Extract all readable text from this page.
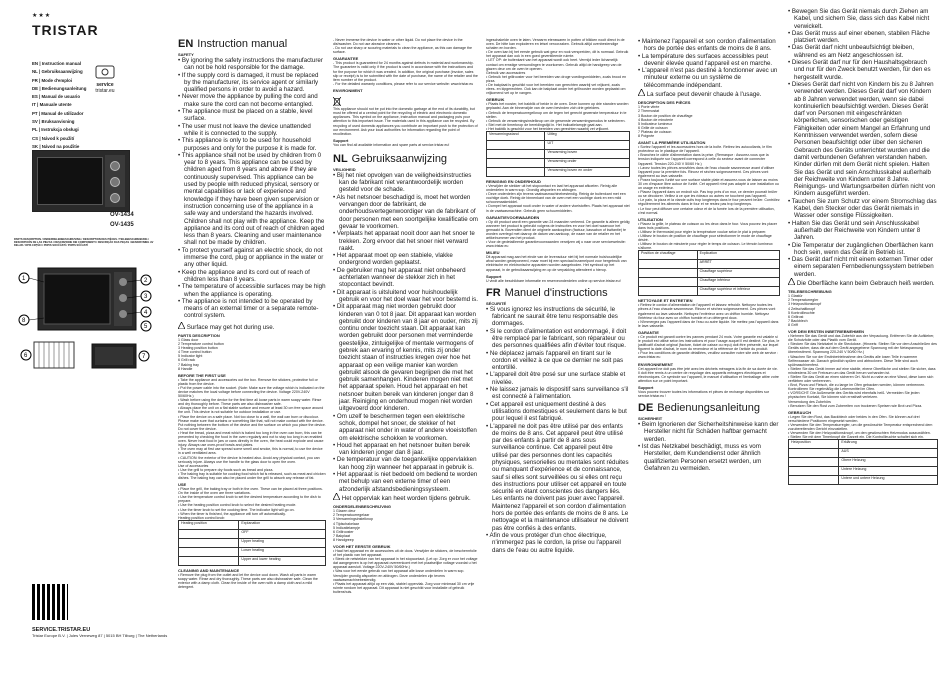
★★★
TRISTAR
EN | Instruction manual
NL | Gebruiksaanwijzing
FR | Mode d'emploi
DE | Bedienungsanleitung
ES | Manual de usuario
IT | Manuale utente
PT | Manual de utilizador
SV | Bruksanvisning
PL | Instrukcja obsługi
CS | Návod k použití
SK | Návod na použitie
service
tristar.eu
OV-1434
OV-1435
PARTS DESCRIPTION / ONDERDELENBESCHRIJVING / DESCRIPTION DES PIÈCES / TEILEBESCHREIBUNG / DESCRIPCIÓN DE LAS PIEZAS / DESCRIZIONE DEI COMPONENTI / DESCRIÇÃO DAS PEÇAS / BESKRIVNING AV DELAR / OPIS CZĘŚCI / POPIS SOUČÁSTÍ / POPIS SÚČASTÍ
1	2
3
4
5
8
6	7
SERVICE.TRISTAR.EU
Tristar Europe B.V. | Jules Verneweg 87 | 5015 BH Tilburg | The Netherlands
EN Instruction manual
SAFETY
• By ignoring the safety instructions the manufacturer can not be hold responsible for the damage.
• If the supply cord is damaged, it must be replaced by the manufacturer, its service agent or similarly qualified persons in order to avoid a hazard.
• Never move the appliance by pulling the cord and make sure the cord can not become entangled.
• The appliance must be placed on a stable, level surface.
• The user must not leave the device unattended while it is connected to the supply.
• This appliance is only to be used for household purposes and only for the purpose it is made for.
• This appliance shall not be used by children from 0 year to 8 years. This appliance can be used by children aged from 8 years and above if they are continuously supervised. This appliance can be used by people with reduced physical, sensory or mental capabilities or lack of experience and knowledge if they have been given supervision or instruction concerning use of the appliance in a safe way and understand the hazards involved. Children shall not play with the appliance. Keep the appliance and its cord out of reach of children aged less than 8 years. Cleaning and user maintenance shall not be made by children.
• To protect yourself against an electric shock, do not immerse the cord, plug or appliance in the water or any other liquid.
• Keep the appliance and its cord out of reach of children less than 8 years.
• The temperature of accessible surfaces may be high when the appliance is operating.
• The appliance is not intended to be operated by means of an external timer or a separate remote-control system.
Surface may get hot during use.
PARTS DESCRIPTION
1 Glass door
2 Temperature control button
3 Heating position button
4 Time control button
5 Indicator light
6 Grill rack
7 Baking tray
8 Handle
BEFORE THE FIRST USE
• Take the appliance and accessories out the box. Remove the stickers, protective foil or plastic from the device.
• Put the power cable into the socket. (Note: Make sure the voltage which is indicated on the device matches the local voltage before connecting the device. Voltage 220V-240V 50/60Hz.)
• Wash before using the device for the first time all loose parts in warm soapy water. Rinse and dry thoroughly before. These parts are also dishwasher safe.
• Always place the unit on a flat stable surface and ensure at least 30 cm free space around the unit. This device is not suitable for outdoor installation or use.
• Place the device on a safe place. Not too close to a wall, the wall can burn or discolour. Please make sure that curtains or something like that, will not make contact with the device. Put nothing between the bottom of the device and the surface on which you place the device. Do not cover the device.
• Heat the bread, pizza and meat which is baked too long in the oven can burn, this can be prevented by checking the food in the oven regularly and not to stay too long in an enabled oven. Never heat food in jars or cans directly in the oven, the heat could explode and cause injury. Always use oven-proof bowls and plates.
• The oven may at first use spread some smell and smoke, this is normal, to use the device in a well ventilated area.
• CAUTION: the exterior of the device is heated also. Avoid any physical contact, you can seriously injure. Always use the handle to the glass door to open the oven.
Use of accessories
• Use the grill to prepare dry foods such as bread and pizza.
• The baking tray is suitable for cooking food which fat is released, such as meat and chicken dishes. The baking tray can also be placed under the grill to absorb any release of fat.
USE
• Place the grill, the baking tray or both in the oven. These can be placed at three positions. On the inside of the oven are three variations.
• Use the temperature control knob to set the desired temperature according to the dish to prepare.
• Use the heating position control knob to select the desired heating mode.
• Use the timer knob to set the cooking time. The indicator light will go on.
• When the timer is finished, the appliance will turn off automatically.
Heating position control knob
Heating position	Explanation
	OFF
	Upper heating
	Lower heating
	Upper and lower heating
CLEANING AND MAINTENANCE
• Remove the plug from the outlet and let the device cool down. Wash all parts in warm soapy water. Rinse and dry thoroughly. These parts are also dishwasher safe. Clean the exterior with a damp cloth. Clean the inside of the oven with a damp cloth and a mild detergent.
- Never immerse the device in water or other liquid. Do not place the device in the dishwasher. Do not use abrasive cleaners.
- Do not use sharp or scouring materials to clean the appliance, as this can damage the surface.
GUARANTEE
- This product is guaranteed for 24 months against defects in material and workmanship. The guarantee is valid only if the product is used in accordance with the instructions and for the purpose for which it was created. In addition, the original purchase (invoice, sales slip or receipt) is to be submitted with the date of purchase, the name of the retailer and the item number of the product.
- For the detailed warranty conditions, please refer to our service website: www.tristar.eu
ENVIRONMENT

This appliance should not be put into the domestic garbage at the end of its durability, but must be offered at a central point for the recycling of electric and electronic domestic appliances. This symbol on the appliance, instruction manual and packaging puts your attention to this important issue. The materials used in this appliance can be recycled. By recycling of used domestic appliances you contribute an important push to the protection of our environment. Ask your local authorities for information regarding the point of recollection.

Support
You can find all available information and spare parts at service.tristar.eu!
NL Gebruiksaanwijzing
VEILIGHEID
• Bij het niet opvolgen van de veiligheidsinstructies kan de fabrikant niet verantwoordelijk worden gesteld voor de schade.
• Als het netsnoer beschadigd is, moet het worden vervangen door de fabrikant, de onderhoudsvertegenwoordiger van de fabrikant of door personen met een soortgelijke kwalificatie om gevaar te voorkomen.
• Verplaats het apparaat nooit door aan het snoer te trekken. Zorg ervoor dat het snoer niet verward raakt.
• Het apparaat moet op een stabiele, vlakke ondergrond worden geplaatst.
• De gebruiker mag het apparaat niet onbeheerd achterlaten wanneer de stekker zich in het stopcontact bevindt.
• Dit apparaat is uitsluitend voor huishoudelijk gebruik en voor het doel waar het voor bestemd is.
• Dit apparaat mag niet worden gebruikt door kinderen van 0 tot 8 jaar. Dit apparaat kan worden gebruikt door kinderen van 8 jaar en ouder, mits zij continu onder toezicht staan. Dit apparaat kan worden gebruikt door personen met verminderde geestelijke, zintuigelijke of mentale vermogens of gebrek aan ervaring of kennis, mits zij onder toezicht staan of instructies kregen over hoe het apparaat op een veilige manier kan worden gebruikt alsook de gevaren begrijpen die met het gebruik samenhangen. Kinderen mogen niet met het apparaat spelen. Houd het apparaat en het netsnoer buiten bereik van kinderen jonger dan 8 jaar. Reiniging en onderhoud mogen niet worden uitgevoerd door kinderen.
• Om uzelf te beschermen tegen een elektrische schok, dompel het snoer, de stekker of het apparaat niet onder in water of andere vloeistoffen om elektrische schokken te voorkomen.
• Houd het apparaat en het netsnoer buiten bereik van kinderen jonger dan 8 jaar.
• De temperatuur van de toegankelijke oppervlakken kan hoog zijn wanneer het apparaat in gebruik is.
• Het apparaat is niet bedoeld om bediend te worden met behulp van een externe timer of een afzonderlijk afstandsbedieningssysteem.
Het oppervlak kan heet worden tijdens gebruik.
ONDERDELENBESCHRIJVING
1 Glazen deur
2 Temperatuurregelaar
3 Verwarmingsinstelknop
4 Tijdschakelaar
5 Indicatielampje
6 Grillrooster
7 Bakplaat
8 Handgreep
VOOR HET EERSTE GEBRUIK
• Haal het apparaat en de accessoires uit de doos. Verwijder de stickers, de beschermfolie of het plastic van het apparaat.
• Steek de netstekker van het apparaat in het stopcontact. (Let op: Zorg er voor het voltage dat aangegeven is op het apparaat overeenkomt met het plaatselijke voltage voordat u het apparaat aansluit. Voltage 220V-240V 50/60Hz.)
• Was voor het eerste gebruik van het apparaat alle losse onderdelen in warm sop. Verwijder grondig afspoelen en afdrogen. Deze onderdelen zijn tevens vaatwasmachinebestendig.
• Plaats het apparaat altijd op een vlak, stabiel oppervlak. Zorg voor minimaal 30 cm vrije ruimte rondom het apparaat. Dit apparaat is niet geschikt voor installatie of gebruik buitenshuis.
ingeschakelde oven te laten. Verwarm etenswaren in potten of blikken nooit direct in de oven. De hitte kan exploderen en letsel veroorzaken. Gebruik altijd ovenbestendige schalen en borden.
• De oven kan bij het eerste gebruik wat geur en rook verspreiden, dit is normaal. Gebruik het apparaat dan ook in een goed geventileerde ruimte.
• LET OP: de buitenkant van het apparaat wordt ook heet. Vermijd ieder lichamelijk contact om ernstige verwondingen te voorkomen. Gebruik altijd de handgreep van de glazen deur om de oven te openen.
Gebruik van accessoires
• Gebruik het grillrooster voor het bereiden van droge voedingsmiddelen, zoals brood en pizza.
• De bakplaat is geschikt voor het bereiden van gerechten waarbij vet vrijkomt, zoals vlees- en kipgerechten. Ook kan de bakplaat onder het grillrooster worden geplaatst om vrijkomend vet op te vangen.
GEBRUIK
• Plaats het rooster, het bakblik of beide in de oven. Deze kunnen op drie standen worden geplaatst. Aan de binnenzijde van de oven bevinden zich drie geleiders.
• Gebruik de temperatuurregelknop om de tegen het gerecht gewenste temperatuur in te stellen.
• Gebruik de verwarmingsinstelknop om de gewenste verwarmingsmodus te selecteren.
• Stel met de timerknop de bereidingstijd in. Het indicatielampje gaat aan.
• Het bakblik is geschikt voor het bereiden van gerechten waarbij vet vrijkomt.
Verwarmingsstand	Uitleg
	UIT
	Verwarming boven
	Verwarming onder
	Verwarming boven en onder
REINIGING EN ONDERHOUD
• Verwijder de stekker uit het stopcontact en laat het apparaat afkoelen. Reinig alle onderdelen in warm sop. Grondig afspoelen en afdrogen.
• Deze onderdelen zijn tevens vaatwasmachinebestendig. Reinig de buitenkant met een vochtige doek. Reinig de binnenkant van de oven met een vochtige doek en een mild schoonmaakmiddel.
• Dompel het apparaat nooit onder in water of andere vloeistoffen. Plaats het apparaat niet in de vaatwasmachine. Gebruik geen schuurmiddelen.
GARANTIEVOORWAARDEN
• Op dit product wordt een garantie van 24 maanden verleend. De garantie is alleen geldig wanneer het product is gebruikt volgens de instructies en voor het doel waarvoor het gemaakt is. Bovendien dient de originele aankoopbon (factuur, kassabon of kwitantie) te worden overlegd met daarop de datum van aankoop, de naam van de retailer en het artikelnummer van het product.
• Voor de gedetailleerde garantievoorwaarden verwijzen wij u naar onze servicewebsite: www.tristar.eu
MILIEU
Dit apparaat mag aan het einde van de levensduur niet bij het normale huishoudelijke afval worden gedeponeerd, maar moet bij een speciaal inzamelpunt voor hergebruik van elektrische en elektronische apparaten worden aangeboden. Het symbool op het apparaat, in de gebruiksaanwijzing en op de verpakking attendeert u hierop.
Support
U vindt alle beschikbare informatie en reserveonderdelen online op service.tristar.eu!
FR Manuel d'instructions
SÉCURITÉ
• Si vous ignorez les instructions de sécurité, le fabricant ne saurait être tenu responsable des dommages.
• Si le cordon d'alimentation est endommagé, il doit être remplacé par le fabricant, son réparateur ou des personnes qualifiées afin d'éviter tout risque.
• Ne déplacez jamais l'appareil en tirant sur le cordon et veillez à ce que ce dernier ne soit pas entortillé.
• L'appareil doit être posé sur une surface stable et nivelée.
• Ne laissez jamais le dispositif sans surveillance s'il est connecté à l'alimentation.
• Cet appareil est uniquement destiné à des utilisations domestiques et seulement dans le but pour lequel il est fabriqué.
• L'appareil ne doit pas être utilisé par des enfants de moins de 8 ans. Cet appareil peut être utilisé par des enfants à partir de 8 ans sous surveillance continue. Cet appareil peut être utilisé par des personnes dont les capacités physiques, sensorielles ou mentales sont réduites ou manquant d'expérience et de connaissance, sauf si elles sont surveillées ou si elles ont reçu des instructions pour utiliser cet appareil en toute sécurité en étant conscientes des dangers liés. Les enfants ne doivent pas jouer avec l'appareil. Maintenez l'appareil et son cordon d'alimentation hors de portée des enfants de moins de 8 ans. Le nettoyage et la maintenance utilisateur ne doivent pas être confiés à des enfants.
• Afin de vous protéger d'un choc électrique, n'immergez pas le cordon, la prise ou l'appareil dans de l'eau ou autre liquide.
• Maintenez l'appareil et son cordon d'alimentation hors de portée des enfants de moins de 8 ans.
• La température des surfaces accessibles peut devenir élevée quand l'appareil est en marche.
• L'appareil n'est pas destiné à fonctionner avec un minuteur externe ou un système de télécommande indépendant.
La surface peut devenir chaude à l'usage.
DESCRIPTION DES PIÈCES
1 Porte vitrée
2 Thermostat
3 Bouton de position de chauffage
4 Bouton de minuterie
5 Indicateur lumineux
6 Grille de cuisson
7 Plateau de cuisson
8 Poignée
AVANT LA PREMIÈRE UTILISATION
• Sortez l'appareil et les accessoires hors de la boîte. Retirez les autocollants, le film protecteur ou le plastique de l'appareil.
• Branchez le câble d'alimentation dans la prise. (Remarque : Assurez-vous que la tension indiquée sur l'appareil correspond à celle du secteur avant de connecter l'appareil. Tension 220-240 V 50/60 Hz.)
• Lavez toutes les pièces amovibles dans de l'eau chaude savonneuse avant d'utiliser l'appareil pour la première fois. Rincez et séchez soigneusement. Ces pièces vont également au lave-vaisselle.
• Posez toujours l'unité sur une surface stable plate et assurez-vous de laisser au moins 30 cm d'espace libre autour de l'unité. Cet appareil n'est pas adapté à une installation ou un usage en extérieur.
• Placez l'appareil dans un endroit sûr. Pas trop près d'un mur, ce dernier pourrait brûler ou se décolorer. Veillez à ce que les rideaux ou autres ne touchent pas l'appareil.
• Le pain, la pizza et la viande cuits trop longtemps dans le four peuvent brûler. Contrôlez régulièrement les aliments dans le four et ne restez pas trop longtemps.
• Le four peut diffuser une certaine odeur et de la fumée lors de la première utilisation, c'est normal.
UTILISATION
• Placez la grille, le plateau de cuisson ou les deux dans le four. Vous pouvez les placer dans trois positions.
• Utilisez le thermostat pour régler la température voulue selon le plat à préparer.
• Utilisez le bouton de position de chauffage pour sélectionner le mode de chauffage désiré.
• Utilisez le bouton de minuterie pour régler le temps de cuisson. Le témoin lumineux s'allume.
Position de chauffage	Explication
	ARRÊT
	Chauffage supérieur
	Chauffage inférieur
	Chauffage supérieur et inférieur
NETTOYAGE ET ENTRETIEN
• Retirez le cordon d'alimentation de l'appareil et laissez refroidir. Nettoyez toutes les pièces à l'eau chaude savonneuse. Rincez et séchez soigneusement. Ces pièces vont également au lave-vaisselle. Nettoyez l'extérieur avec un chiffon humide. Nettoyez l'intérieur du four avec un chiffon humide et un détergent doux.
• N'immergez pas l'appareil dans de l'eau ou autre liquide. Ne mettez pas l'appareil dans le lave-vaisselle.
GARANTIE
• Ce produit est garanti contre les pannes pendant 24 mois. Votre garantie est valable si le produit est utilisé selon les instructions et pour l'usage auquel il est destiné. De plus, le justificatif d'achat original (facture, ticket de caisse ou reçu) doit être présenté, sur lequel figurent la date d'achat, le nom du revendeur et la référence de l'article du produit.
• Pour les conditions de garantie détaillées, veuillez consulter notre site web de service : www.tristar.eu
ENVIRONNEMENT
Cet appareil ne doit pas être jeté avec les déchets ménagers à la fin de sa durée de vie. Il doit être remis à un centre de recyclage des appareils ménagers électriques et électroniques. Ce symbole sur l'appareil, le manuel d'utilisation et l'emballage attire votre attention sur ce point important.
Support
Vous pouvez trouver toutes les informations et pièces de rechange disponibles sur service.tristar.eu !
DE Bedienungsanleitung
SICHERHEIT
• Beim Ignorieren der Sicherheitshinweise kann der Hersteller nicht für Schäden haftbar gemacht werden.
• Ist das Netzkabel beschädigt, muss es vom Hersteller, dem Kundendienst oder ähnlich qualifizierten Personen ersetzt werden, um Gefahren zu vermeiden.
• Bewegen Sie das Gerät niemals durch Ziehen am Kabel, und sichern Sie, dass sich das Kabel nicht verwickelt.
• Das Gerät muss auf einer ebenen, stabilen Fläche platziert werden.
• Das Gerät darf nicht unbeaufsichtigt bleiben, während es am Netz angeschlossen ist.
• Dieses Gerät darf nur für den Haushaltsgebrauch und nur für den Zweck benutzt werden, für den es hergestellt wurde.
• Dieses Gerät darf nicht von Kindern bis zu 8 Jahren verwendet werden. Dieses Gerät darf von Kindern ab 8 Jahren verwendet werden, wenn sie dabei kontinuierlich beaufsichtigt werden. Dieses Gerät darf von Personen mit eingeschränkten körperlichen, sensorischen oder geistigen Fähigkeiten oder einem Mangel an Erfahrung und Kenntnissen verwendet werden, sofern diese Personen beaufsichtigt oder über den sicheren Gebrauch des Geräts unterrichtet wurden und die damit verbundenen Gefahren verstanden haben. Kinder dürfen mit dem Gerät nicht spielen. Halten Sie das Gerät und sein Anschlusskabel außerhalb der Reichweite von Kindern unter 8 Jahre. Reinigungs- und Wartungsarbeiten dürfen nicht von Kindern ausgeführt werden.
• Tauchen Sie zum Schutz vor einem Stromschlag das Kabel, den Stecker oder das Gerät niemals in Wasser oder sonstige Flüssigkeiten.
• Halten Sie das Gerät und sein Anschlusskabel außerhalb der Reichweite von Kindern unter 8 Jahren.
• Die Temperatur der zugänglichen Oberflächen kann hoch sein, wenn das Gerät in Betrieb ist.
• Das Gerät darf nicht mit einem externen Timer oder einem separaten Fernbedienungssystem betrieben werden.
Die Oberfläche kann beim Gebrauch heiß werden.
TEILEBESCHREIBUNG
1 Glastür
2 Temperaturregler
3 Heizpositionsknopf
4 Zeitschaltknopf
5 Kontrollleuchte
6 Grillrost
7 Backblech
8 Griff
VOR DEM ERSTEN INBETRIEBNEHMEN
• Nehmen Sie das Gerät und das Zubehör aus der Verpackung. Entfernen Sie die Aufkleber, die Schutzfolie oder das Plastik vom Gerät.
• Stecken Sie das Netzkabel in die Steckdose. (Hinweis: Stellen Sie vor dem Anschließen des Geräts sicher, dass die auf dem Gerät angegebene Spannung mit der Netzspannung übereinstimmt. Spannung 220-240 V 50/60 Hz.)
• Waschen Sie vor der Erstinbetriebnahme des Geräts alle losen Teile in warmem Seifenwasser ab. Danach gründlich spülen und abtrocknen. Diese Teile sind auch spülmaschinenfest.
• Stellen Sie das Gerät immer auf eine stabile, ebene Oberfläche und stellen Sie sicher, dass mindestens 30 cm Freiraum um das Gerät herum vorhanden ist.
• Stellen Sie das Gerät an einen sicheren Ort. Nicht zu nahe an eine Wand, diese kann sich verfärben oder verbrennen.
• Brot, Pizza und Fleisch, die zu lange im Ofen gebacken werden, können verbrennen. Kontrollieren Sie regelmäßig die Lebensmittel im Ofen.
• VORSICHT: Die Außenseite des Geräts wird ebenfalls heiß. Vermeiden Sie jeden physischen Kontakt, Sie können sich ernsthaft verletzen.
Verwendung des Zubehörs
• Benutzen Sie den Rost zum Zubereiten von trockenen Speisen wie Brot und Pizza.
GEBRAUCH
• Legen Sie den Rost, das Backblech oder beides in den Ofen. Sie können auf drei verschiedene Positionen eingesetzt werden.
• Verwenden Sie den Temperaturregler, um die gewünschte Temperatur entsprechend dem zuzubereitenden Gericht einzustellen.
• Verwenden Sie den Heizpositionsknopf, um den gewünschten Heizmodus auszuwählen.
• Stellen Sie mit dem Timerknopf die Garzeit ein. Die Kontrollleuchte schaltet sich ein.
Heizposition	Erklärung
	AUS
	Obere Heizung
	Untere Heizung
	Untere und untere Heizung
